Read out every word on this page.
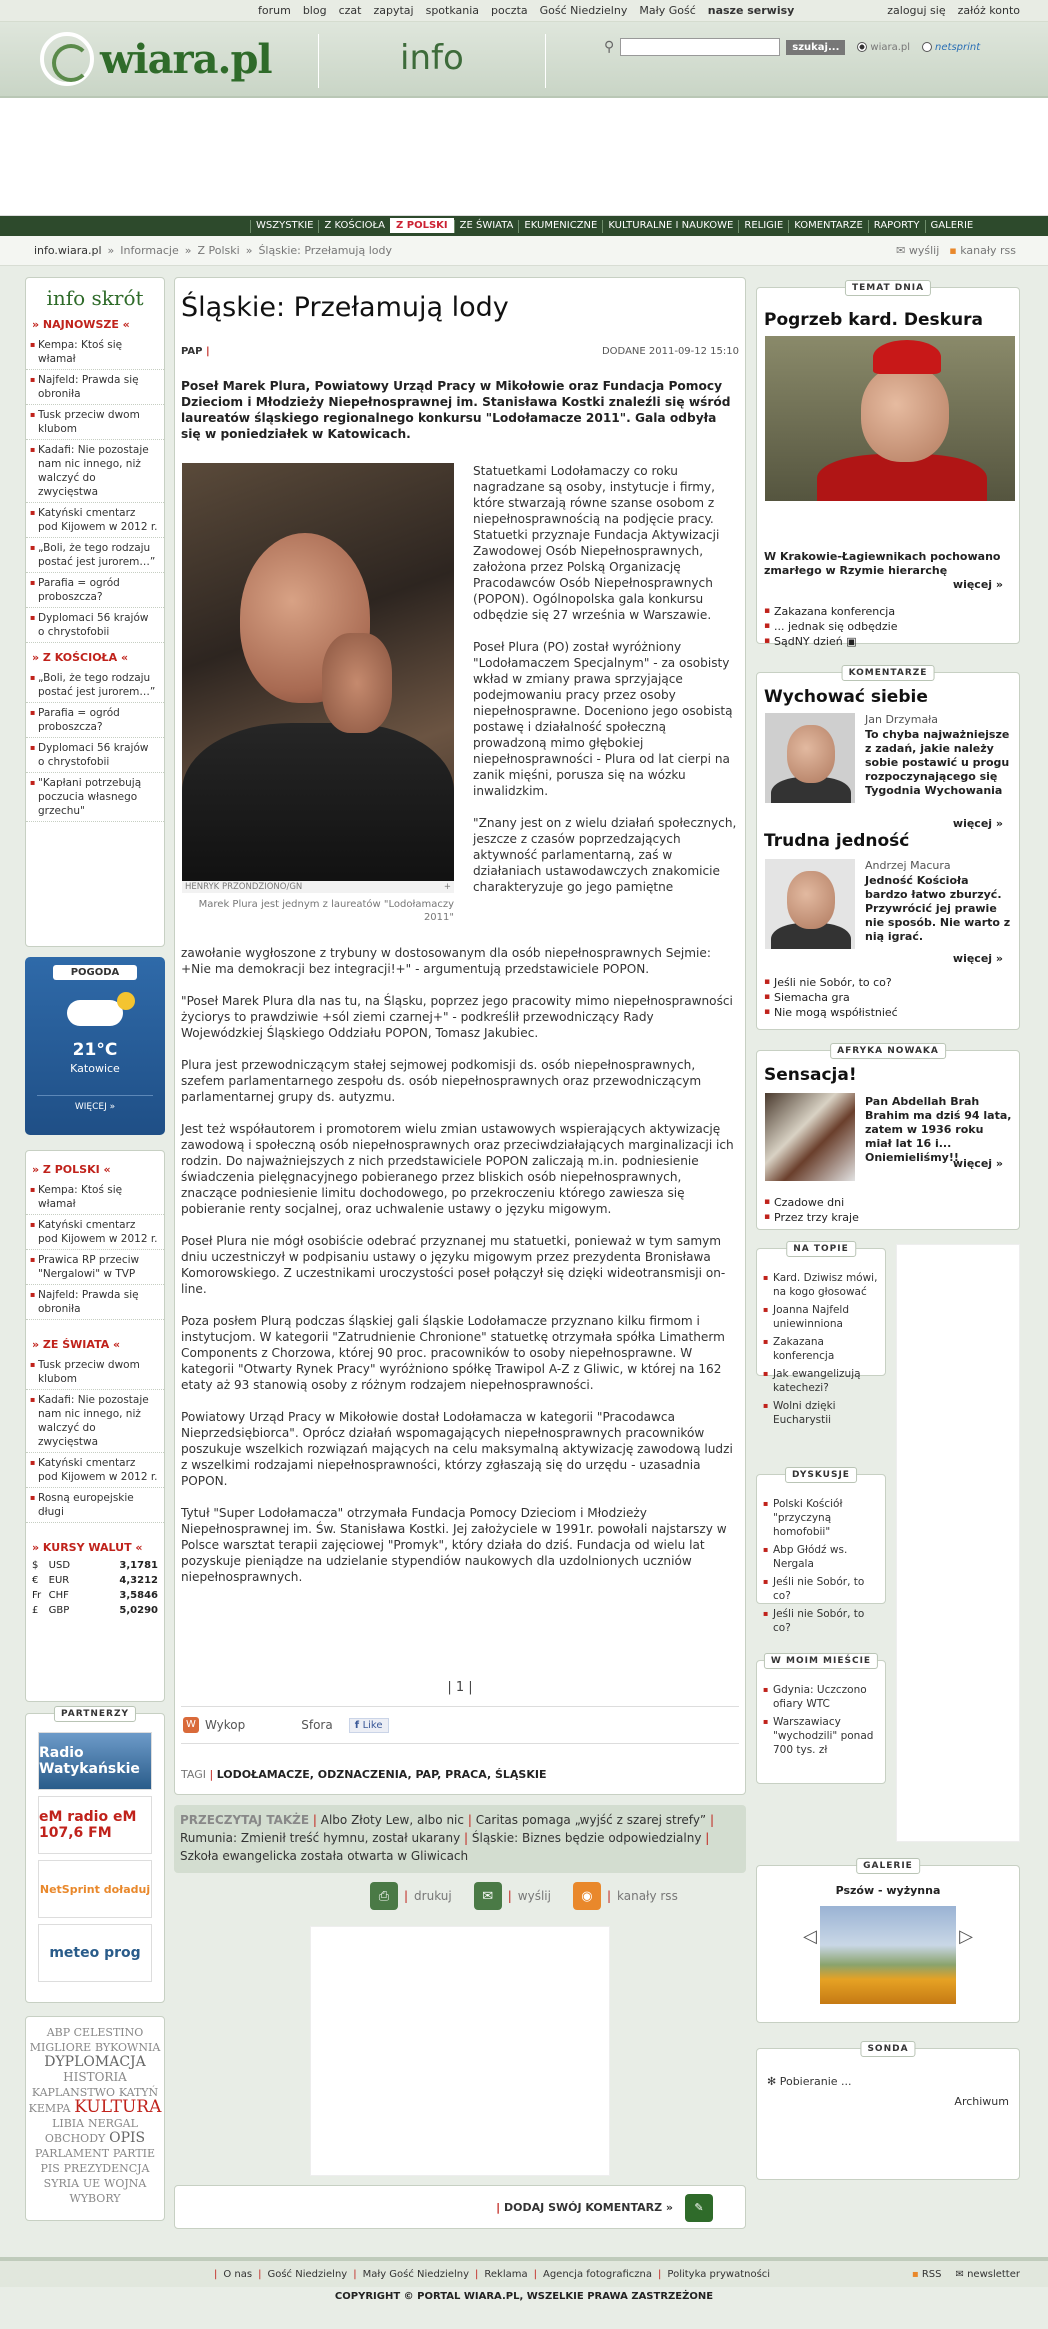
forum blog czat zapytaj spotkania poczta Gość Niedzielny Mały Gość nasze serwisy	zaloguj się załóż konto
wiara.pl	info	⚲	szukaj...	wiara.pl	netsprint
WSZYSTKIE	Z KOŚCIOŁA	Z POLSKI	ZE ŚWIATA	EKUMENICZNE	KULTURALNE I NAUKOWE	RELIGIE	KOMENTARZE	RAPORTY	GALERIE
info.wiara.pl » Informacje » Z Polski » Śląskie: Przełamują lody	✉ wyślij ▪ kanały rss
info skrót
» NAJNOWSZE «
▪ Kempa: Ktoś się włamał
▪ Najfeld: Prawda się obroniła
▪ Tusk przeciw dwom klubom
▪ Kadafi: Nie pozostaje nam nic innego, niż walczyć do zwycięstwa
▪ Katyński cmentarz pod Kijowem w 2012 r.
▪ „Boli, że tego rodzaju postać jest jurorem…”
▪ Parafia = ogród proboszcza?
▪ Dyplomaci 56 krajów o chrystofobii
» Z KOŚCIOŁA «
▪ „Boli, że tego rodzaju postać jest jurorem…”
▪ Parafia = ogród proboszcza?
▪ Dyplomaci 56 krajów o chrystofobii
▪ "Kapłani potrzebują poczucia własnego grzechu"
POGODA
21°C
Katowice
WIĘCEJ »
» Z POLSKI «
▪ Kempa: Ktoś się włamał
▪ Katyński cmentarz pod Kijowem w 2012 r.
▪ Prawica RP przeciw "Nergalowi" w TVP
▪ Najfeld: Prawda się obroniła
» ZE ŚWIATA «
▪ Tusk przeciw dwom klubom
▪ Kadafi: Nie pozostaje nam nic innego, niż walczyć do zwycięstwa
▪ Katyński cmentarz pod Kijowem w 2012 r.
▪ Rosną europejskie długi
» KURSY WALUT «
$	USD	3,1781
€	EUR	4,3212
Fr	CHF	3,5846
£	GBP	5,0290
PARTNERZY
Radio Watykańskie
eM radio eM 107,6 FM
NetSprint doładuj
meteo prog
ABP CELESTINO
MIGLIORE BYKOWNIA
DYPLOMACJA
HISTORIA
KAPLANSTWO KATYŃ
KEMPA KULTURA
LIBIA NERGAL
OBCHODY OPIS
PARLAMENT PARTIE
PIS PREZYDENCJA
SYRIA UE WOJNA
WYBORY
Śląskie: Przełamują lody
PAP |	DODANE 2011-09-12 15:10
Poseł Marek Plura, Powiatowy Urząd Pracy w Mikołowie oraz Fundacja Pomocy Dzieciom i Młodzieży Niepełnosprawnej im. Stanisława Kostki znaleźli się wśród laureatów śląskiego regionalnego konkursu "Lodołamacze 2011". Gala odbyła się w poniedziałek w Katowicach.
HENRYK PRZONDZIONO/GN	+
Marek Plura jest jednym z laureatów "Lodołamaczy 2011"

Statuetkami Lodołamaczy co roku nagradzane są osoby, instytucje i firmy, które stwarzają równe szanse osobom z niepełnosprawnością na podjęcie pracy. Statuetki przyznaje Fundacja Aktywizacji Zawodowej Osób Niepełnosprawnych, założona przez Polską Organizację Pracodawców Osób Niepełnosprawnych (POPON). Ogólnopolska gala konkursu odbędzie się 27 września w Warszawie.

Poseł Plura (PO) został wyróżniony "Lodołamaczem Specjalnym" - za osobisty wkład w zmiany prawa sprzyjające podejmowaniu pracy przez osoby niepełnosprawne. Doceniono jego osobistą postawę i działalność społeczną prowadzoną mimo głębokiej niepełnosprawności - Plura od lat cierpi na zanik mięśni, porusza się na wózku inwalidzkim.

"Znany jest on z wielu działań społecznych, jeszcze z czasów poprzedzających aktywność parlamentarną, zaś w działaniach ustawodawczych znakomicie charakteryzuje go jego pamiętne

zawołanie wygłoszone z trybuny w dostosowanym dla osób niepełnosprawnych Sejmie: +Nie ma demokracji bez integracji!+" - argumentują przedstawiciele POPON.

"Poseł Marek Plura dla nas tu, na Śląsku, poprzez jego pracowity mimo niepełnosprawności życiorys to prawdziwie +sól ziemi czarnej+" - podkreślił przewodniczący Rady Wojewódzkiej Śląskiego Oddziału POPON, Tomasz Jakubiec.

Plura jest przewodniczącym stałej sejmowej podkomisji ds. osób niepełnosprawnych, szefem parlamentarnego zespołu ds. osób niepełnosprawnych oraz przewodniczącym parlamentarnej grupy ds. autyzmu.

Jest też współautorem i promotorem wielu zmian ustawowych wspierających aktywizację zawodową i społeczną osób niepełnosprawnych oraz przeciwdziałających marginalizacji ich rodzin. Do najważniejszych z nich przedstawiciele POPON zaliczają m.in. podniesienie świadczenia pielęgnacyjnego pobieranego przez bliskich osób niepełnosprawnych, znaczące podniesienie limitu dochodowego, po przekroczeniu którego zawiesza się pobieranie renty socjalnej, oraz uchwalenie ustawy o języku migowym.

Poseł Plura nie mógł osobiście odebrać przyznanej mu statuetki, ponieważ w tym samym dniu uczestniczył w podpisaniu ustawy o języku migowym przez prezydenta Bronisława Komorowskiego. Z uczestnikami uroczystości poseł połączył się dzięki wideotransmisji on-line.

Poza posłem Plurą podczas śląskiej gali śląskie Lodołamacze przyznano kilku firmom i instytucjom. W kategorii "Zatrudnienie Chronione" statuetkę otrzymała spółka Limatherm Components z Chorzowa, której 90 proc. pracowników to osoby niepełnosprawne. W kategorii "Otwarty Rynek Pracy" wyróżniono spółkę Trawipol A-Z z Gliwic, w której na 162 etaty aż 93 stanowią osoby z różnym rodzajem niepełnosprawności.

Powiatowy Urząd Pracy w Mikołowie dostał Lodołamacza w kategorii "Pracodawca Nieprzedsiębiorca". Oprócz działań wspomagających niepełnosprawnych pracowników poszukuje wszelkich rozwiązań mających na celu maksymalną aktywizację zawodową ludzi z wszelkimi rodzajami niepełnosprawności, którzy zgłaszają się do urzędu - uzasadnia POPON.

Tytuł "Super Lodołamacza" otrzymała Fundacja Pomocy Dzieciom i Młodzieży Niepełnosprawnej im. Św. Stanisława Kostki. Jej założyciele w 1991r. powołali najstarszy w Polsce warsztat terapii zajęciowej "Promyk", który działa do dziś. Fundacja od wielu lat pozyskuje pieniądze na udzielanie stypendiów naukowych dla uzdolnionych uczniów niepełnosprawnych.

| 1 |
W Wykop	Sfora	f Like
TAGI | LODOŁAMACZE, ODZNACZENIA, PAP, PRACA, ŚLĄSKIE
PRZECZYTAJ TAKŻE | Albo Złoty Lew, albo nic | Caritas pomaga „wyjść z szarej strefy” | Rumunia: Zmienił treść hymnu, został ukarany | Śląskie: Biznes będzie odpowiedzialny | Szkoła ewangelicka została otwarta w Gliwicach
⎙	| drukuj	✉	| wyślij	◉	| kanały rss
| DODAJ SWÓJ KOMENTARZ »	✎
TEMAT DNIA
Pogrzeb kard. Deskura
W Krakowie-Łagiewnikach pochowano zmarłego w Rzymie hierarchę
więcej »
▪ Zakazana konferencja
▪ ... jednak się odbędzie
▪ SądNY dzień ▣
KOMENTARZE
Wychować siebie
Jan Drzymała
To chyba najważniejsze z zadań, jakie należy sobie postawić u progu rozpoczynającego się Tygodnia Wychowania
więcej »
Trudna jedność
Andrzej Macura
Jedność Kościoła bardzo łatwo zburzyć. Przywrócić jej prawie nie sposób. Nie warto z nią igrać.
więcej »
▪ Jeśli nie Sobór, to co?
▪ Siemacha gra
▪ Nie mogą współistnieć
AFRYKA NOWAKA
Sensacja!
Pan Abdellah Brah Brahim ma dziś 94 lata, zatem w 1936 roku miał lat 16 i... Oniemieliśmy!!
więcej »
▪ Czadowe dni
▪ Przez trzy kraje
NA TOPIE
▪ Kard. Dziwisz mówi, na kogo głosować
▪ Joanna Najfeld uniewinniona
▪ Zakazana konferencja
▪ Jak ewangelizują katechezi?
▪ Wolni dzięki Eucharystii
DYSKUSJE
▪ Polski Kościół "przyczyną homofobii"
▪ Abp Głódź ws. Nergala
▪ Jeśli nie Sobór, to co?
▪ Jeśli nie Sobór, to co?
W MOIM MIEŚCIE
▪ Gdynia: Uczczono ofiary WTC
▪ Warszawiacy "wychodzili" ponad 700 tys. zł
GALERIE
Pszów - wyżynna
◁	▷
SONDA
✻ Pobieranie ...
Archiwum
| O nas | Gość Niedzielny | Mały Gość Niedzielny | Reklama | Agencja fotograficzna | Polityka prywatności	▪ RSS ✉ newsletter
COPYRIGHT © PORTAL WIARA.PL, WSZELKIE PRAWA ZASTRZEŻONE
